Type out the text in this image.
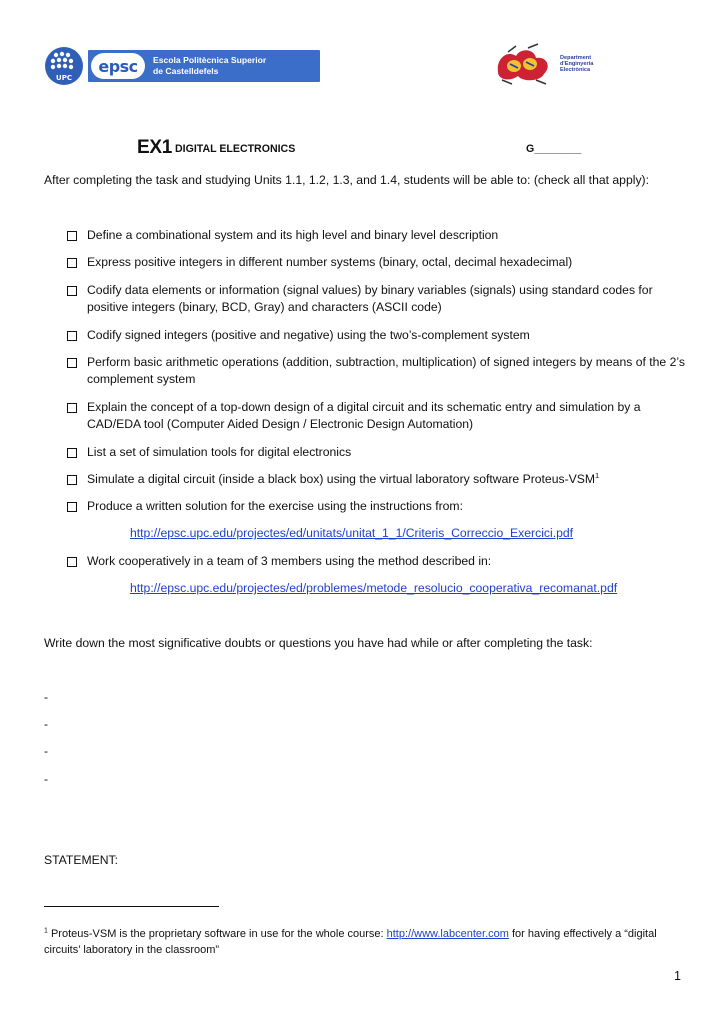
UPC
epsc	Escola Politècnica Superior
de Castelldefels
Department
d'Enginyeria
Electrònica
EX1 DIGITAL ELECTRONICS	G________
After completing the task and studying Units 1.1, 1.2, 1.3, and 1.4, students will be able to: (check all that apply):
Define a combinational system and its high level and binary level description
Express positive integers in different number systems (binary, octal, decimal hexadecimal)
Codify data elements or information (signal values) by binary variables (signals) using standard codes for positive integers (binary, BCD, Gray) and characters (ASCII code)
Codify signed integers (positive and negative) using the two’s-complement system
Perform basic arithmetic operations (addition, subtraction, multiplication) of signed integers by means of the 2’s complement system
Explain the concept of a top-down design of a digital circuit and its schematic entry and simulation by a CAD/EDA tool (Computer Aided Design / Electronic Design Automation)
List a set of simulation tools for digital electronics
Simulate a digital circuit (inside a black box) using the virtual laboratory software Proteus-VSM$^1$
Produce a written solution for the exercise using the instructions from:
http://epsc.upc.edu/projectes/ed/unitats/unitat_1_1/Criteris_Correccio_Exercici.pdf
Work cooperatively in a team of 3 members using the method described in:
http://epsc.upc.edu/projectes/ed/problemes/metode_resolucio_cooperativa_recomanat.pdf
Write down the most significative doubts or questions you have had while or after completing the task:
-
-
-
-
STATEMENT:
$^1$ Proteus-VSM is the proprietary software in use for the whole course: http://www.labcenter.com for having effectively a “digital circuits’ laboratory in the classroom”
1
